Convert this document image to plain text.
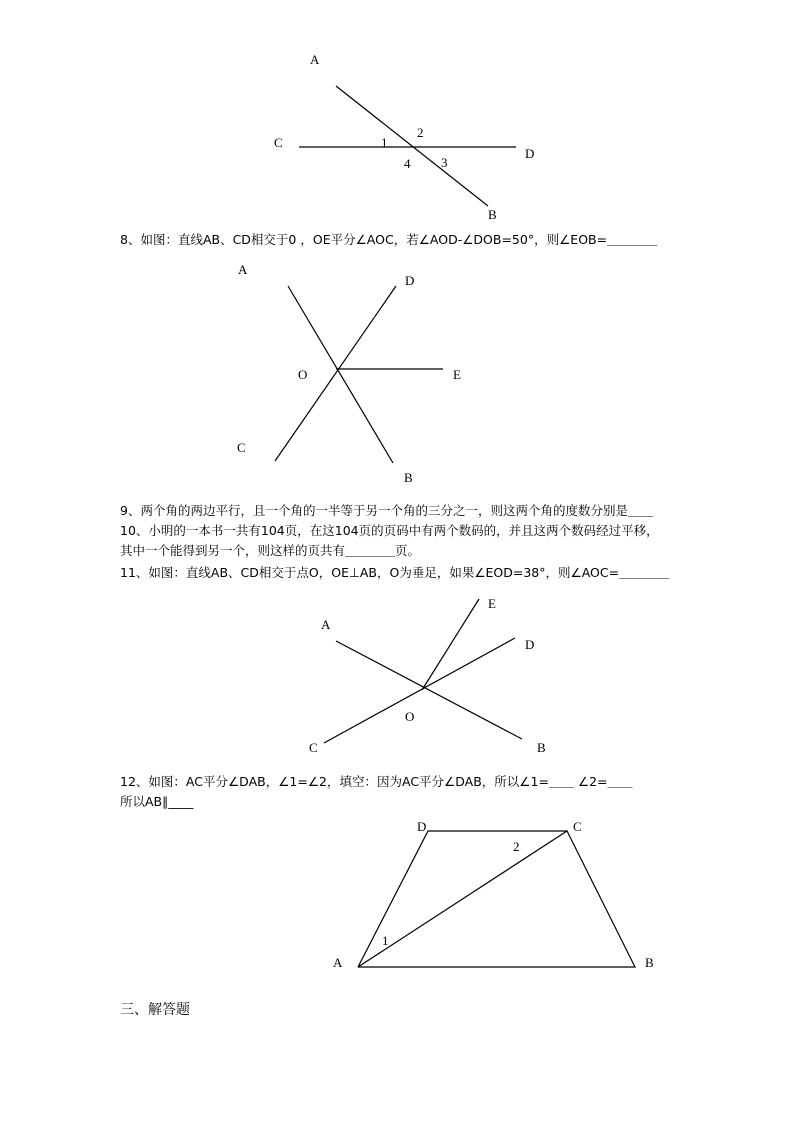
A
C
D
B
1
2
3
4
A
D
O	E
C
B
E
A
D
O
C	B
D	C
2
1
A	B
8、如图：直线AB、CD相交于0 ，OE平分∠AOC，若∠AOD-∠DOB=50°，则∠EOB=＿＿＿＿
9、两个角的两边平行，且一个角的一半等于另一个角的三分之一，则这两个角的度数分别是＿＿
10、小明的一本书一共有104页，在这104页的页码中有两个数码的，并且这两个数码经过平移，
其中一个能得到另一个，则这样的页共有＿＿＿＿页。
11、如图：直线AB、CD相交于点O，OE⊥AB，O为垂足，如果∠EOD=38°，则∠AOC=＿＿＿＿
12、如图：AC平分∠DAB，∠1=∠2，填空：因为AC平分∠DAB，所以∠1=＿＿ ∠2=＿＿
所以AB∥____
三、解答题
